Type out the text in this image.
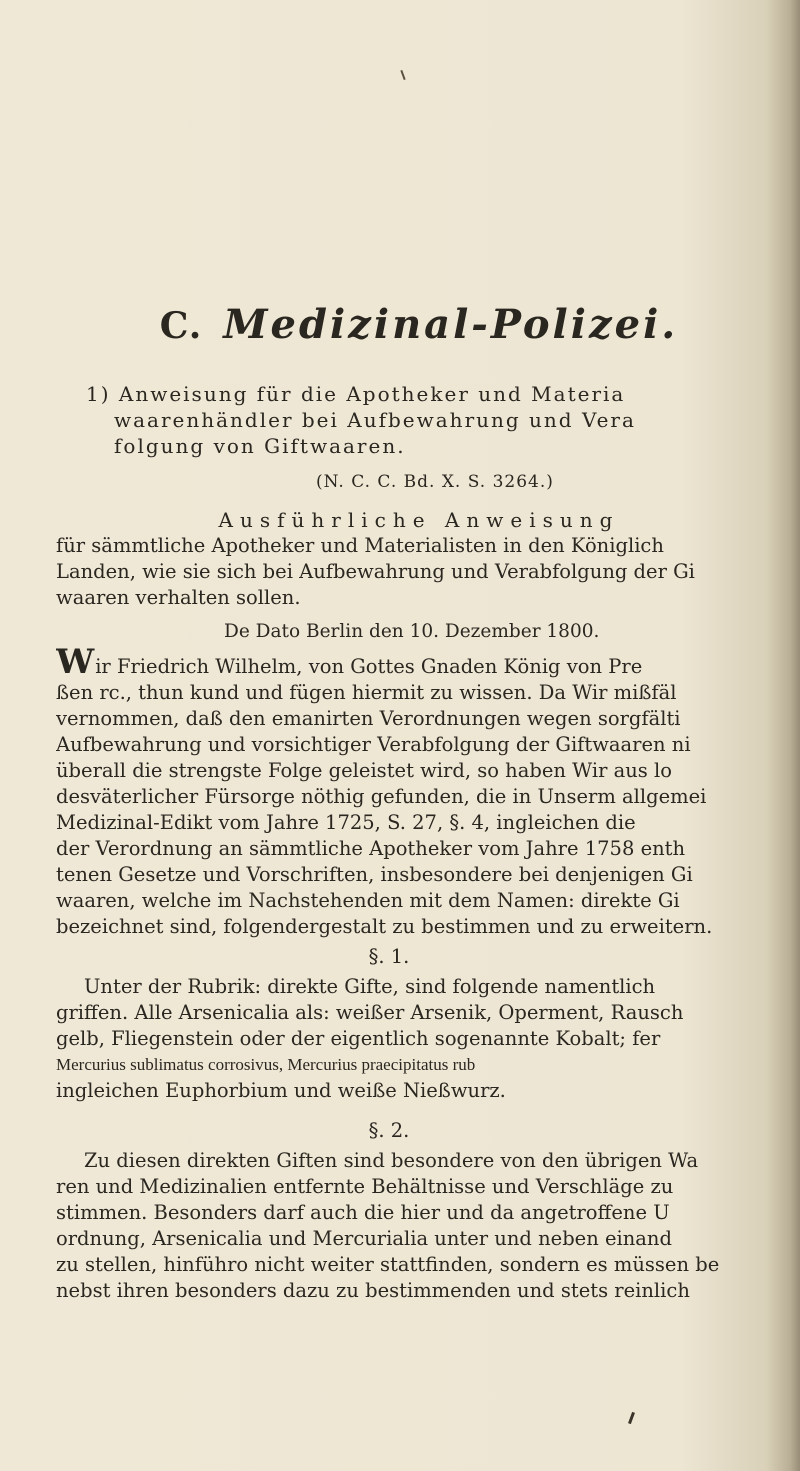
C. Medizinal-Polizei.
1) Anweisung für die Apotheker und Materia
waarenhändler bei Aufbewahrung und Vera
folgung von Giftwaaren.
(N. C. C. Bd. X. S. 3264.)
Ausführliche Anweisung
für sämmtliche Apotheker und Materialisten in den Königlich
Landen, wie sie sich bei Aufbewahrung und Verabfolgung der Gi
waaren verhalten sollen.
De Dato Berlin den 10. Dezember 1800.
Wir Friedrich Wilhelm, von Gottes Gnaden König von Pre
ßen rc., thun kund und fügen hiermit zu wissen. Da Wir mißfäl
vernommen, daß den emanirten Verordnungen wegen sorgfälti
Aufbewahrung und vorsichtiger Verabfolgung der Giftwaaren ni
überall die strengste Folge geleistet wird, so haben Wir aus lo
desväterlicher Fürsorge nöthig gefunden, die in Unserm allgemei
Medizinal-Edikt vom Jahre 1725, S. 27, §. 4, ingleichen die
der Verordnung an sämmtliche Apotheker vom Jahre 1758 enth
tenen Gesetze und Vorschriften, insbesondere bei denjenigen Gi
waaren, welche im Nachstehenden mit dem Namen: direkte Gi
bezeichnet sind, folgendergestalt zu bestimmen und zu erweitern.
§. 1.
Unter der Rubrik: direkte Gifte, sind folgende namentlich
griffen. Alle Arsenicalia als: weißer Arsenik, Operment, Rausch
gelb, Fliegenstein oder der eigentlich sogenannte Kobalt; fer
Mercurius sublimatus corrosivus, Mercurius praecipitatus rub
ingleichen Euphorbium und weiße Nießwurz.
§. 2.
Zu diesen direkten Giften sind besondere von den übrigen Wa
ren und Medizinalien entfernte Behältnisse und Verschläge zu
stimmen. Besonders darf auch die hier und da angetroffene U
ordnung, Arsenicalia und Mercurialia unter und neben einand
zu stellen, hinführo nicht weiter stattfinden, sondern es müssen be
nebst ihren besonders dazu zu bestimmenden und stets reinlich
